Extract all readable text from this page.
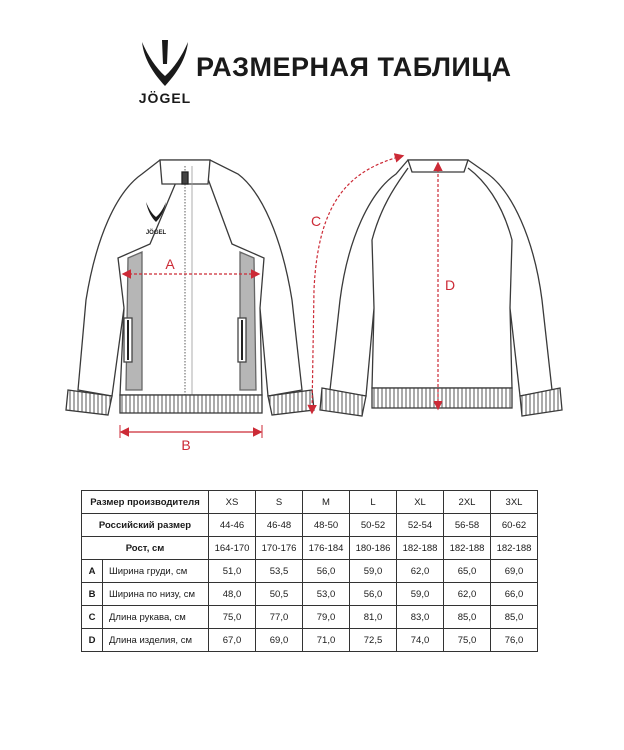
JÖGEL
РАЗМЕРНАЯ ТАБЛИЦА
JÖGEL
A
B
C
D
Размер производителя		XS	S	M	L	XL	2XL	3XL
Российский размер		44-46	46-48	48-50	50-52	52-54	56-58	60-62
Рост, см		164-170	170-176	176-184	180-186	182-188	182-188	182-188
A	Ширина груди, см	51,0	53,5	56,0	59,0	62,0	65,0	69,0
B	Ширина по низу, см	48,0	50,5	53,0	56,0	59,0	62,0	66,0
C	Длина рукава, см	75,0	77,0	79,0	81,0	83,0	85,0	85,0
D	Длина изделия, см	67,0	69,0	71,0	72,5	74,0	75,0	76,0
